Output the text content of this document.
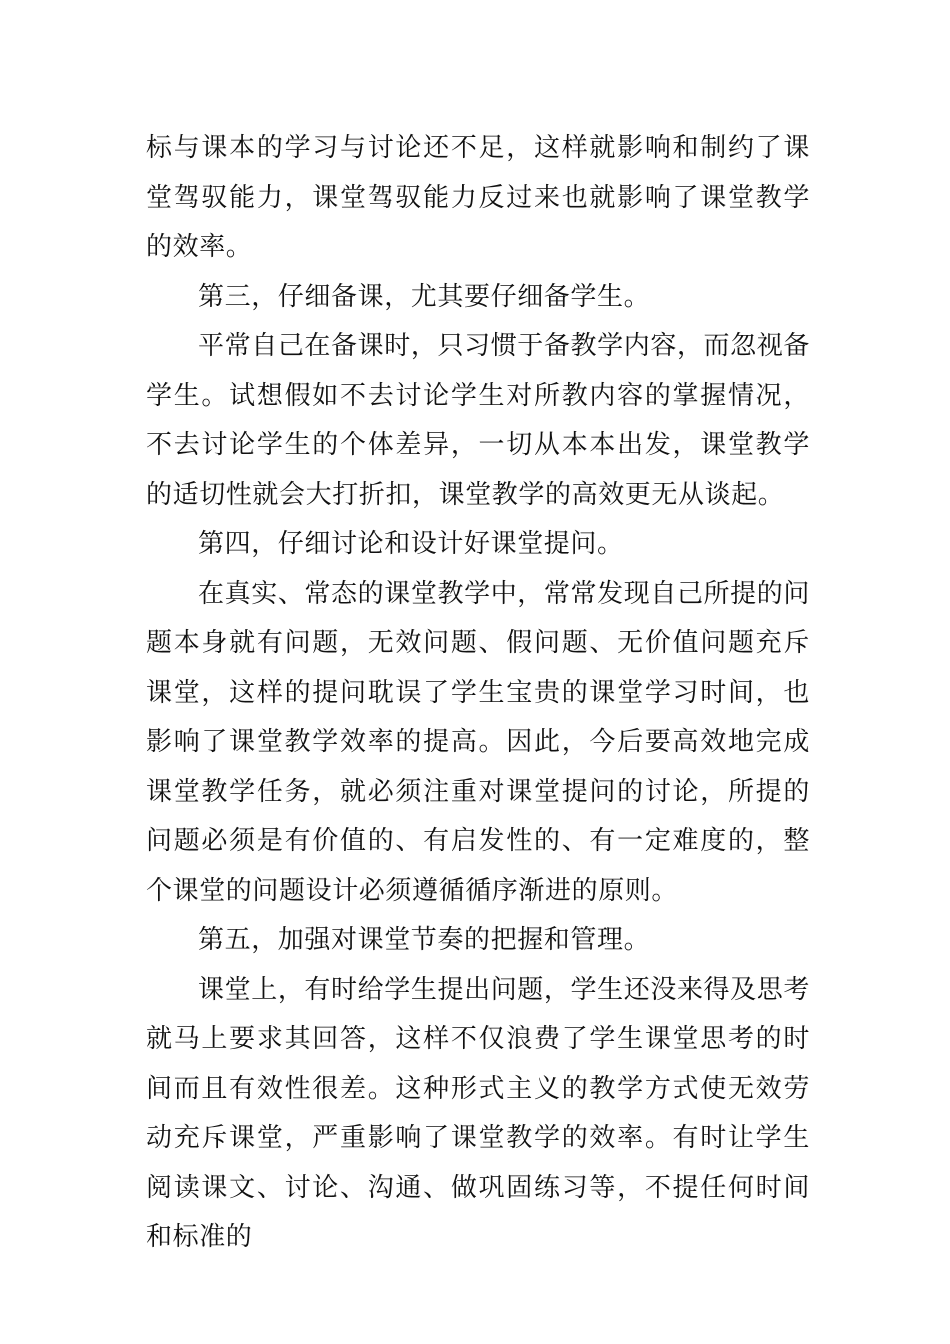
标与课本的学习与讨论还不足，这样就影响和制约了课堂驾驭能力，课堂驾驭能力反过来也就影响了课堂教学的效率。

第三，仔细备课，尤其要仔细备学生。

平常自己在备课时，只习惯于备教学内容，而忽视备学生。试想假如不去讨论学生对所教内容的掌握情况，不去讨论学生的个体差异，一切从本本出发，课堂教学的适切性就会大打折扣，课堂教学的高效更无从谈起。

第四，仔细讨论和设计好课堂提问。

在真实、常态的课堂教学中，常常发现自己所提的问题本身就有问题，无效问题、假问题、无价值问题充斥课堂，这样的提问耽误了学生宝贵的课堂学习时间，也影响了课堂教学效率的提高。因此，今后要高效地完成课堂教学任务，就必须注重对课堂提问的讨论，所提的问题必须是有价值的、有启发性的、有一定难度的，整个课堂的问题设计必须遵循循序渐进的原则。

第五，加强对课堂节奏的把握和管理。

课堂上，有时给学生提出问题，学生还没来得及思考就马上要求其回答，这样不仅浪费了学生课堂思考的时间而且有效性很差。这种形式主义的教学方式使无效劳动充斥课堂，严重影响了课堂教学的效率。有时让学生阅读课文、讨论、沟通、做巩固练习等，不提任何时间和标准的
